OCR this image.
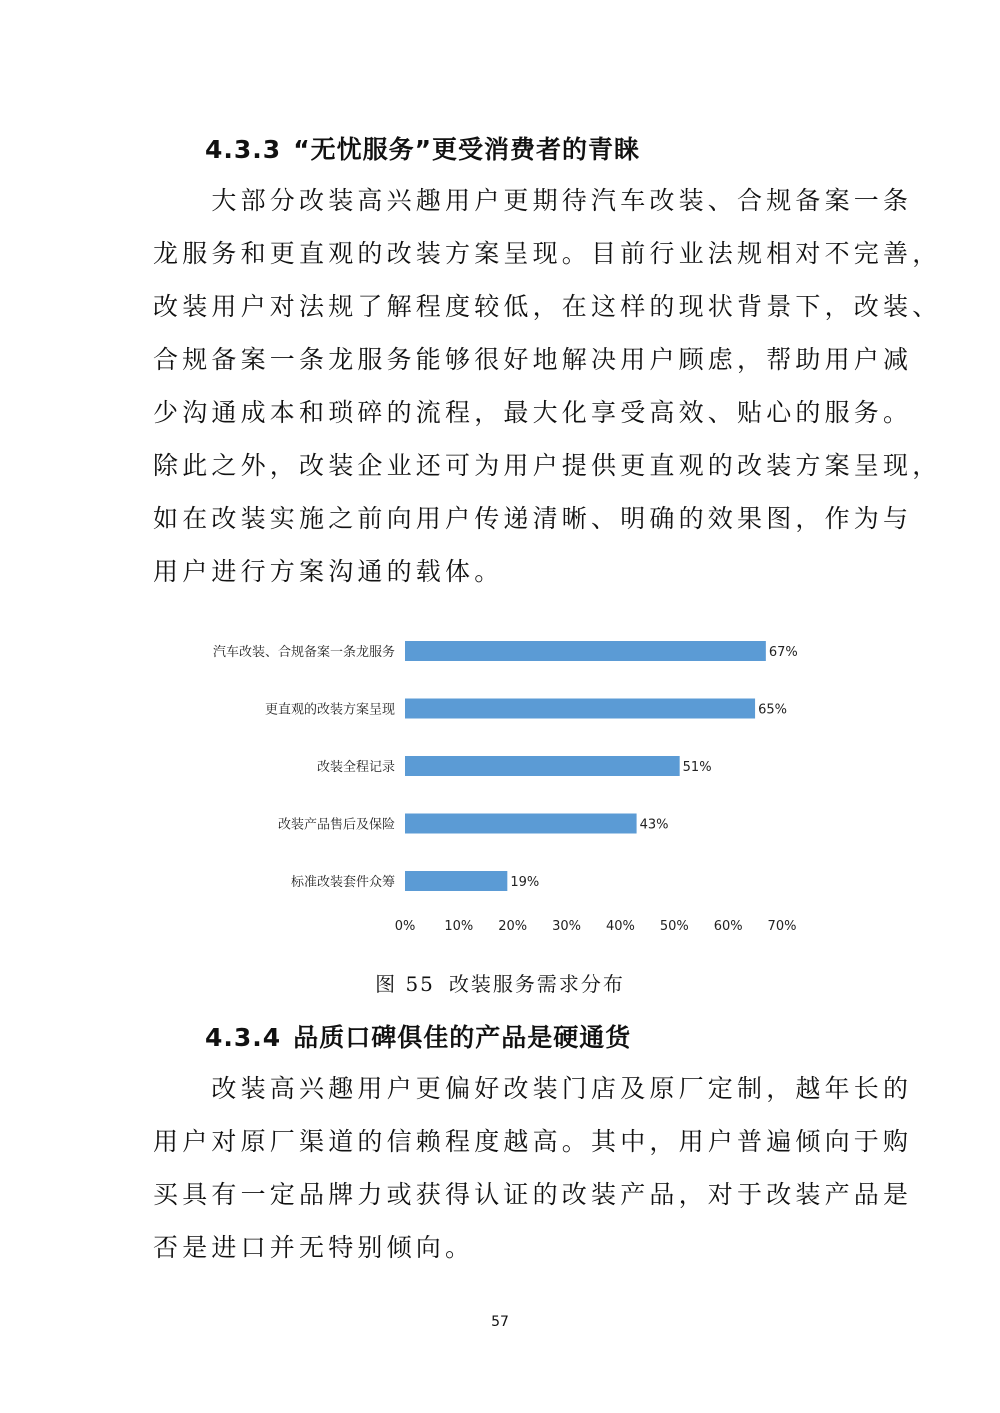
4.3.3 “无忧服务”更受消费者的青睐
　　大部分改装高兴趣用户更期待汽车改装、合规备案一条
龙服务和更直观的改装方案呈现。目前行业法规相对不完善，
改装用户对法规了解程度较低，在这样的现状背景下，改装、
合规备案一条龙服务能够很好地解决用户顾虑，帮助用户减
少沟通成本和琐碎的流程，最大化享受高效、贴心的服务。
除此之外，改装企业还可为用户提供更直观的改装方案呈现，
如在改装实施之前向用户传递清晰、明确的效果图，作为与
用户进行方案沟通的载体。
汽车改装、合规备案一条龙服务	67%
更直观的改装方案呈现	65%
改装全程记录	51%
改装产品售后及保险	43%
标准改装套件众筹	19%
0% 10% 20% 30% 40% 50% 60% 70%

图 55 改装服务需求分布

4.3.4 品质口碑俱佳的产品是硬通货
　　改装高兴趣用户更偏好改装门店及原厂定制，越年长的
用户对原厂渠道的信赖程度越高。其中，用户普遍倾向于购
买具有一定品牌力或获得认证的改装产品，对于改装产品是
否是进口并无特别倾向。
57
